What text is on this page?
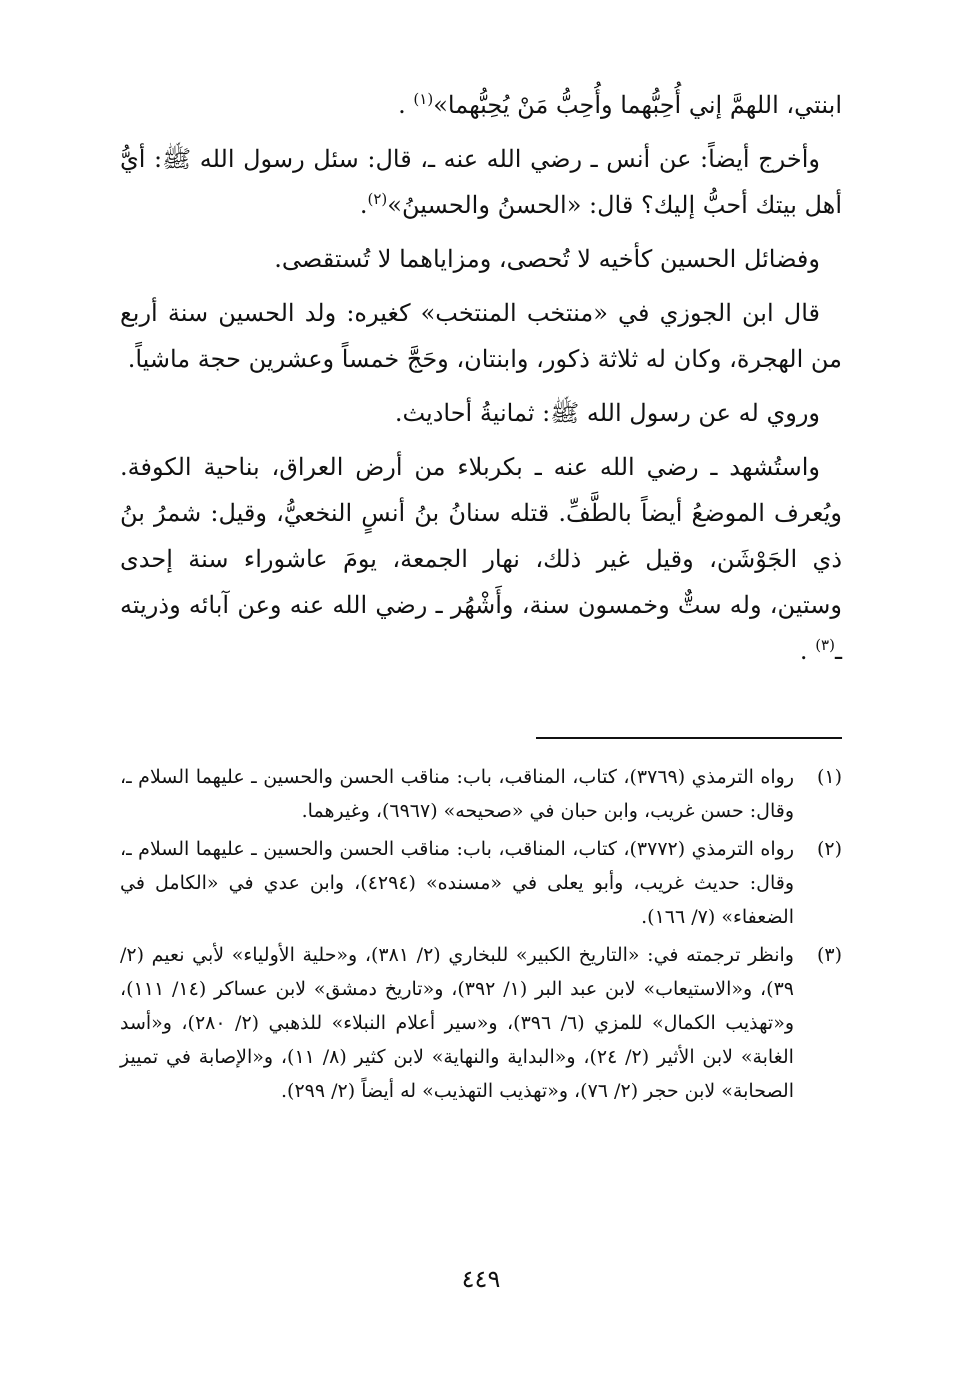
ابنتي، اللهمَّ إني أُحِبُّهما وأُحِبُّ مَنْ يُحِبُّهما»$^{(١)}$ .

وأخرج أيضاً: عن أنس ـ رضي الله عنه ـ، قال: سئل رسول الله ﷺ: أيُّ أهل بيتك أحبُّ إليك؟ قال: «الحسنُ والحسينُ»$^{(٢)}$.

وفضائل الحسين كأخيه لا تُحصى، ومزاياهما لا تُستقصى.

قال ابن الجوزي في «منتخب المنتخب» كغيره: ولد الحسين سنة أربع من الهجرة، وكان له ثلاثة ذكور، وابنتان، وحَجَّ خمساً وعشرين حجة ماشياً.

وروي له عن رسول الله ﷺ: ثمانيةُ أحاديث.

واستُشهد ـ رضي الله عنه ـ بكربلاء من أرض العراق، بناحية الكوفة. ويُعرف الموضعُ أيضاً بالطَّفِّ. قتله سنانُ بنُ أنسٍ النخعيُّ، وقيل: شمرُ بنُ ذي الجَوْشَن، وقيل غير ذلك، نهار الجمعة، يومَ عاشوراء سنة إحدى وستين، وله ستٌّ وخمسون سنة، وأَشْهُر ـ رضي الله عنه وعن آبائه وذريته ـ$^{(٣)}$ .

(١)
رواه الترمذي (٣٧٦٩)، كتاب، المناقب، باب: مناقب الحسن والحسين ـ عليهما السلام ـ، وقال: حسن غريب، وابن حبان في «صحيحه» (٦٩٦٧)، وغيرهما.
(٢)
رواه الترمذي (٣٧٧٢)، كتاب، المناقب، باب: مناقب الحسن والحسين ـ عليهما السلام ـ، وقال: حديث غريب، وأبو يعلى في «مسنده» (٤٢٩٤)، وابن عدي في «الكامل في الضعفاء» (٧/ ١٦٦).
(٣)
وانظر ترجمته في: «التاريخ الكبير» للبخاري (٢/ ٣٨١)، و«حلية الأولياء» لأبي نعيم (٢/ ٣٩)، و«الاستيعاب» لابن عبد البر (١/ ٣٩٢)، و«تاريخ دمشق» لابن عساكر (١٤/ ١١١)، و«تهذيب الكمال» للمزي (٦/ ٣٩٦)، و«سير أعلام النبلاء» للذهبي (٢/ ٢٨٠)، و«أسد الغابة» لابن الأثير (٢/ ٢٤)، و«البداية والنهاية» لابن كثير (٨/ ١١)، و«الإصابة في تمييز الصحابة» لابن حجر (٢/ ٧٦)، و«تهذيب التهذيب» له أيضاً (٢/ ٢٩٩).
٤٤٩
